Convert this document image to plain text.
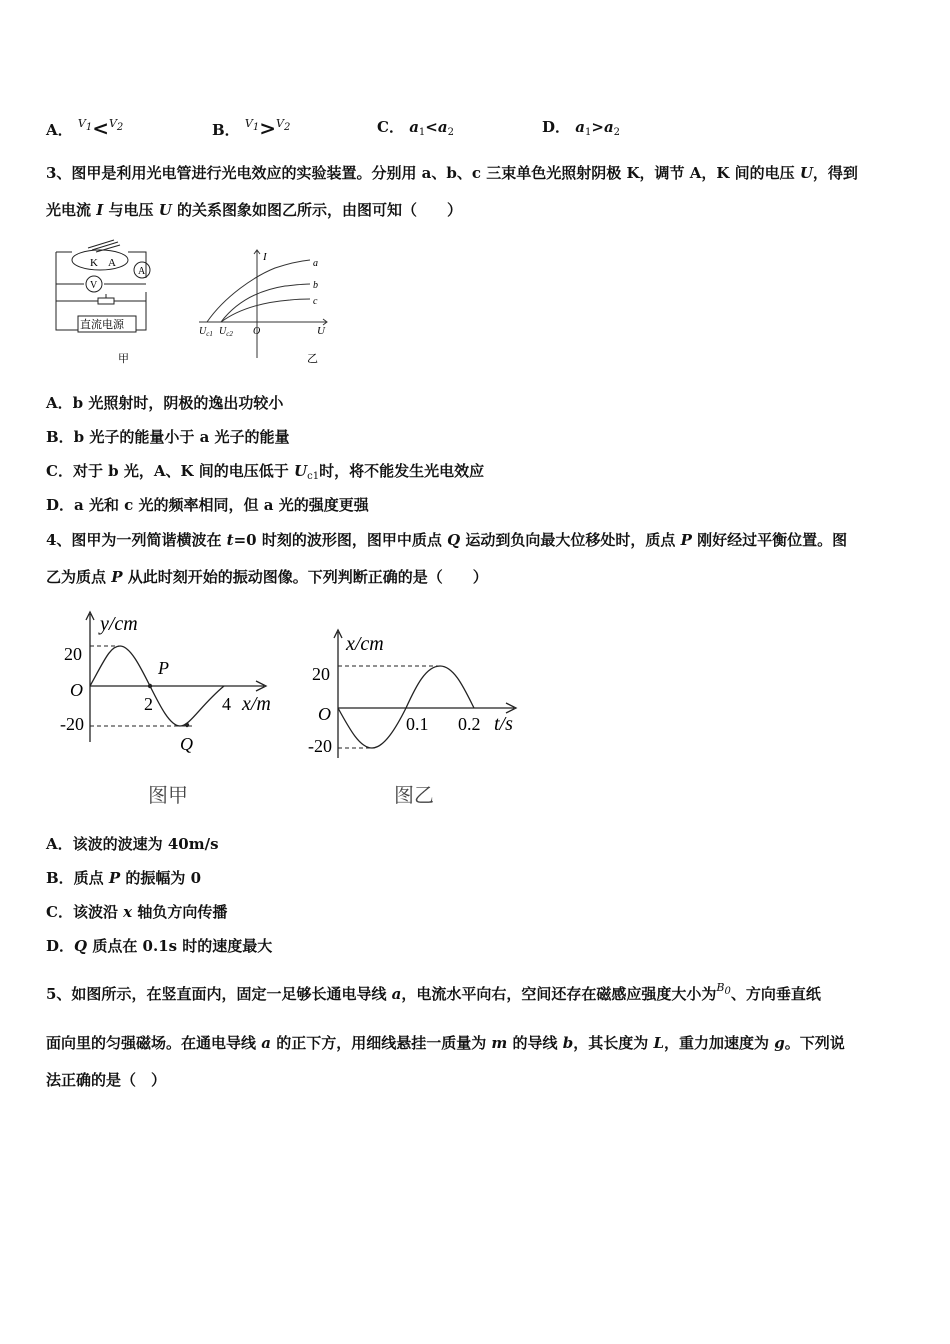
A． $^{V_1}$<$^{V_2}$	B． $^{V_1}$>$^{V_2}$	C． $a_1<a_2$	D． $a_1>a_2$
3、图甲是利用光电管进行光电效应的实验装置。分别用 a、b、c 三束单色光照射阴极 K，调节 A，K 间的电压 U，得到
光电流 I 与电压 U 的关系图象如图乙所示，由图可知（　　）
K A
A
V
直流电源
甲
I
a
b
c
$U_{c1}$ $U_{c2}$ O	U
乙
A．b 光照射时，阴极的逸出功较小
B．b 光子的能量小于 a 光子的能量
C．对于 b 光，A、K 间的电压低于 $U_{c1}$时，将不能发生光电效应
D．a 光和 c 光的频率相同，但 a 光的强度更强
4、图甲为一列简谐横波在 t=0 时刻的波形图，图甲中质点 Q 运动到负向最大位移处时，质点 P 刚好经过平衡位置。图
乙为质点 P 从此时刻开始的振动图像。下列判断正确的是（　　）
y/cm
20
O
-20
2	4 x/m
P
Q
图甲
x/cm
20
O
-20
0.1 0.2 t/s
图乙
A．该波的波速为 40m/s
B．质点 P 的振幅为 0
C．该波沿 x 轴负方向传播
D．Q 质点在 0.1s 时的速度最大
5、如图所示，在竖直面内，固定一足够长通电导线 a，电流水平向右，空间还存在磁感应强度大小为$^{B_0}$、方向垂直纸
面向里的匀强磁场。在通电导线 a 的正下方，用细线悬挂一质量为 m 的导线 b，其长度为 L，重力加速度为 g。下列说
法正确的是（　）
